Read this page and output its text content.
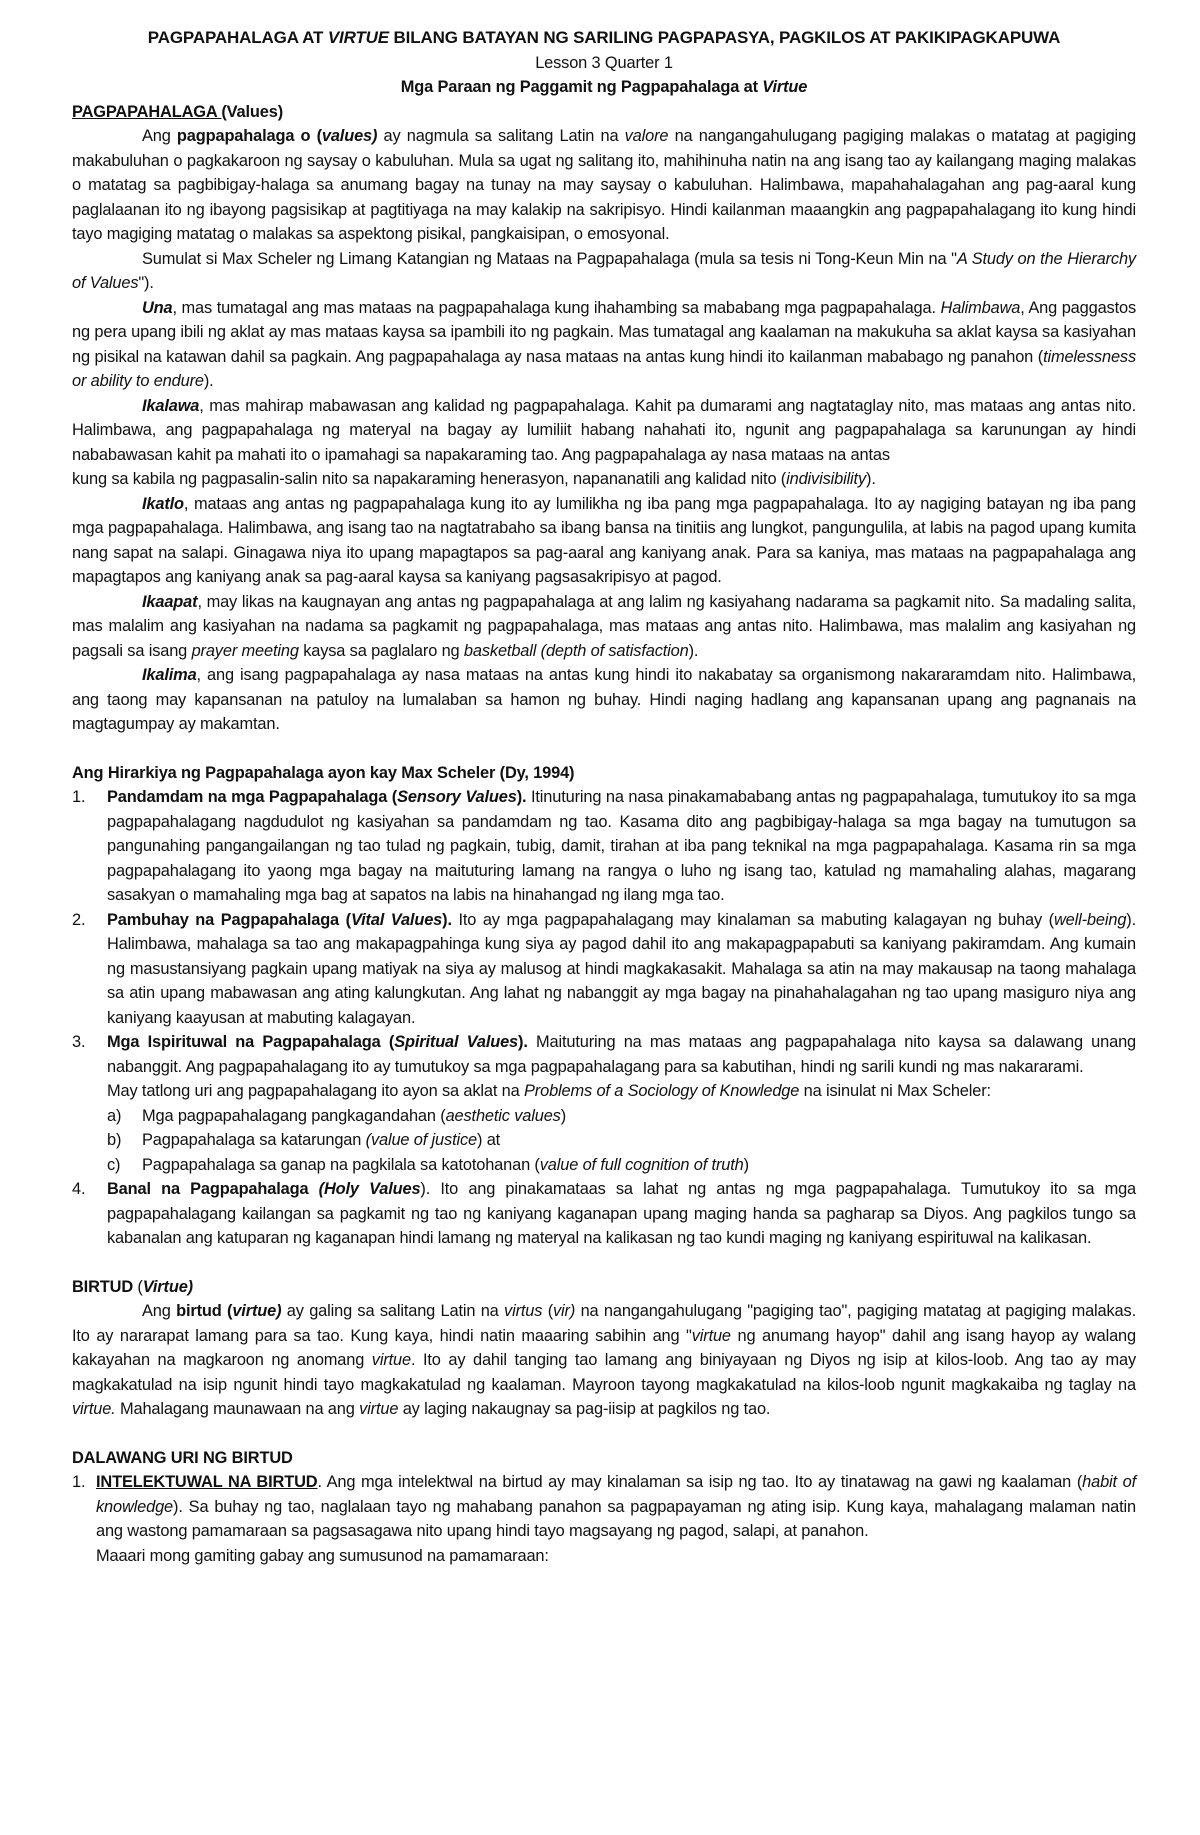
PAGPAPAHALAGA AT VIRTUE BILANG BATAYAN NG SARILING PAGPAPASYA, PAGKILOS AT PAKIKIPAGKAPUWA
Lesson 3 Quarter 1
Mga Paraan ng Paggamit ng Pagpapahalaga at Virtue
PAGPAPAHALAGA (Values)

Ang pagpapahalaga o (values) ay nagmula sa salitang Latin na valore na nangangahulugang pagiging malakas o matatag at pagiging makabuluhan o pagkakaroon ng saysay o kabuluhan. Mula sa ugat ng salitang ito, mahihinuha natin na ang isang tao ay kailangang maging malakas o matatag sa pagbibigay-halaga sa anumang bagay na tunay na may saysay o kabuluhan. Halimbawa, mapahahalagahan ang pag-aaral kung paglalaanan ito ng ibayong pagsisikap at pagtitiyaga na may kalakip na sakripisyo. Hindi kailanman maaangkin ang pagpapahalagang ito kung hindi tayo magiging matatag o malakas sa aspektong pisikal, pangkaisipan, o emosyonal.

Sumulat si Max Scheler ng Limang Katangian ng Mataas na Pagpapahalaga (mula sa tesis ni Tong-Keun Min na "A Study on the Hierarchy of Values").

Una, mas tumatagal ang mas mataas na pagpapahalaga kung ihahambing sa mababang mga pagpapahalaga. Halimbawa, Ang paggastos ng pera upang ibili ng aklat ay mas mataas kaysa sa ipambili ito ng pagkain. Mas tumatagal ang kaalaman na makukuha sa aklat kaysa sa kasiyahan ng pisikal na katawan dahil sa pagkain. Ang pagpapahalaga ay nasa mataas na antas kung hindi ito kailanman mababago ng panahon (timelessness or ability to endure).

Ikalawa, mas mahirap mabawasan ang kalidad ng pagpapahalaga. Kahit pa dumarami ang nagtataglay nito, mas mataas ang antas nito. Halimbawa, ang pagpapahalaga ng materyal na bagay ay lumiliit habang nahahati ito, ngunit ang pagpapahalaga sa karunungan ay hindi nababawasan kahit pa mahati ito o ipamahagi sa napakaraming tao. Ang pagpapahalaga ay nasa mataas na antas

kung sa kabila ng pagpasalin-salin nito sa napakaraming henerasyon, napananatili ang kalidad nito (indivisibility).

Ikatlo, mataas ang antas ng pagpapahalaga kung ito ay lumilikha ng iba pang mga pagpapahalaga. Ito ay nagiging batayan ng iba pang mga pagpapahalaga. Halimbawa, ang isang tao na nagtatrabaho sa ibang bansa na tinitiis ang lungkot, pangungulila, at labis na pagod upang kumita nang sapat na salapi. Ginagawa niya ito upang mapagtapos sa pag-aaral ang kaniyang anak. Para sa kaniya, mas mataas na pagpapahalaga ang mapagtapos ang kaniyang anak sa pag-aaral kaysa sa kaniyang pagsasakripisyo at pagod.

Ikaapat, may likas na kaugnayan ang antas ng pagpapahalaga at ang lalim ng kasiyahang nadarama sa pagkamit nito. Sa madaling salita, mas malalim ang kasiyahan na nadama sa pagkamit ng pagpapahalaga, mas mataas ang antas nito. Halimbawa, mas malalim ang kasiyahan ng pagsali sa isang prayer meeting kaysa sa paglalaro ng basketball (depth of satisfaction).

Ikalima, ang isang pagpapahalaga ay nasa mataas na antas kung hindi ito nakabatay sa organismong nakararamdam nito. Halimbawa, ang taong may kapansanan na patuloy na lumalaban sa hamon ng buhay. Hindi naging hadlang ang kapansanan upang ang pagnanais na magtagumpay ay makamtan.

Ang Hirarkiya ng Pagpapahalaga ayon kay Max Scheler (Dy, 1994)
1.	Pandamdam na mga Pagpapahalaga (Sensory Values). Itinuturing na nasa pinakamababang antas ng pagpapahalaga, tumutukoy ito sa mga pagpapahalagang nagdudulot ng kasiyahan sa pandamdam ng tao. Kasama dito ang pagbibigay-halaga sa mga bagay na tumutugon sa pangunahing pangangailangan ng tao tulad ng pagkain, tubig, damit, tirahan at iba pang teknikal na mga pagpapahalaga. Kasama rin sa mga pagpapahalagang ito yaong mga bagay na maituturing lamang na rangya o luho ng isang tao, katulad ng mamahaling alahas, magarang sasakyan o mamahaling mga bag at sapatos na labis na hinahangad ng ilang mga tao.
2.	Pambuhay na Pagpapahalaga (Vital Values). Ito ay mga pagpapahalagang may kinalaman sa mabuting kalagayan ng buhay (well-being). Halimbawa, mahalaga sa tao ang makapagpahinga kung siya ay pagod dahil ito ang makapagpapabuti sa kaniyang pakiramdam. Ang kumain ng masustansiyang pagkain upang matiyak na siya ay malusog at hindi magkakasakit. Mahalaga sa atin na may makausap na taong mahalaga sa atin upang mabawasan ang ating kalungkutan. Ang lahat ng nabanggit ay mga bagay na pinahahalagahan ng tao upang masiguro niya ang kaniyang kaayusan at mabuting kalagayan.
3.	Mga Ispirituwal na Pagpapahalaga (Spiritual Values). Maituturing na mas mataas ang pagpapahalaga nito kaysa sa dalawang unang nabanggit. Ang pagpapahalagang ito ay tumutukoy sa mga pagpapahalagang para sa kabutihan, hindi ng sarili kundi ng mas nakararami.
May tatlong uri ang pagpapahalagang ito ayon sa aklat na Problems of a Sociology of Knowledge na isinulat ni Max Scheler:
a)	Mga pagpapahalagang pangkagandahan (aesthetic values)
b)	Pagpapahalaga sa katarungan (value of justice) at
c)	Pagpapahalaga sa ganap na pagkilala sa katotohanan (value of full cognition of truth)
4.	Banal na Pagpapahalaga (Holy Values). Ito ang pinakamataas sa lahat ng antas ng mga pagpapahalaga. Tumutukoy ito sa mga pagpapahalagang kailangan sa pagkamit ng tao ng kaniyang kaganapan upang maging handa sa pagharap sa Diyos. Ang pagkilos tungo sa kabanalan ang katuparan ng kaganapan hindi lamang ng materyal na kalikasan ng tao kundi maging ng kaniyang espirituwal na kalikasan.
BIRTUD (Virtue)

Ang birtud (virtue) ay galing sa salitang Latin na virtus (vir) na nangangahulugang "pagiging tao", pagiging matatag at pagiging malakas. Ito ay nararapat lamang para sa tao. Kung kaya, hindi natin maaaring sabihin ang "virtue ng anumang hayop" dahil ang isang hayop ay walang kakayahan na magkaroon ng anomang virtue. Ito ay dahil tanging tao lamang ang biniyayaan ng Diyos ng isip at kilos-loob. Ang tao ay may magkakatulad na isip ngunit hindi tayo magkakatulad ng kaalaman. Mayroon tayong magkakatulad na kilos-loob ngunit magkakaiba ng taglay na virtue. Mahalagang maunawaan na ang virtue ay laging nakaugnay sa pag-iisip at pagkilos ng tao.

DALAWANG URI NG BIRTUD
1. INTELEKTUWAL NA BIRTUD. Ang mga intelektwal na birtud ay may kinalaman sa isip ng tao. Ito ay tinatawag na gawi ng kaalaman (habit of knowledge). Sa buhay ng tao, naglalaan tayo ng mahabang panahon sa pagpapayaman ng ating isip. Kung kaya, mahalagang malaman natin ang wastong pamamaraan sa pagsasagawa nito upang hindi tayo magsayang ng pagod, salapi, at panahon.
Maaari mong gamiting gabay ang sumusunod na pamamaraan:
